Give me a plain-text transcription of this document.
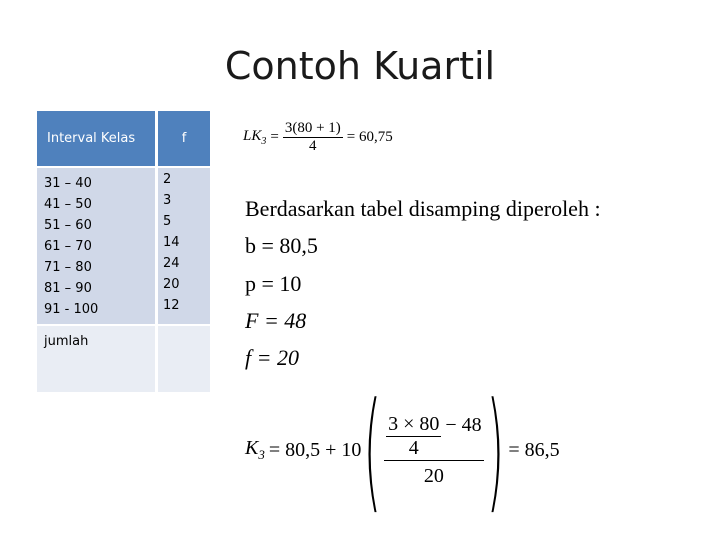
Contoh Kuartil
Interval Kelas	f
31 – 40
41 – 50
51 – 60
61 – 70
71 – 80
81 – 90
91 - 100
2
3
5
14
24
20
12
jumlah
$LK_3 = \frac{3(80 + 1)}{4} = 60,75$
Berdasarkan tabel disamping diperoleh :
b = 80,5
p = 10
F = 48
f = 20
$K_3 = 80,5 + 10$ ( $\frac{\frac{3 \times 80}{4} - 48}{20}$ ) = 86,5
